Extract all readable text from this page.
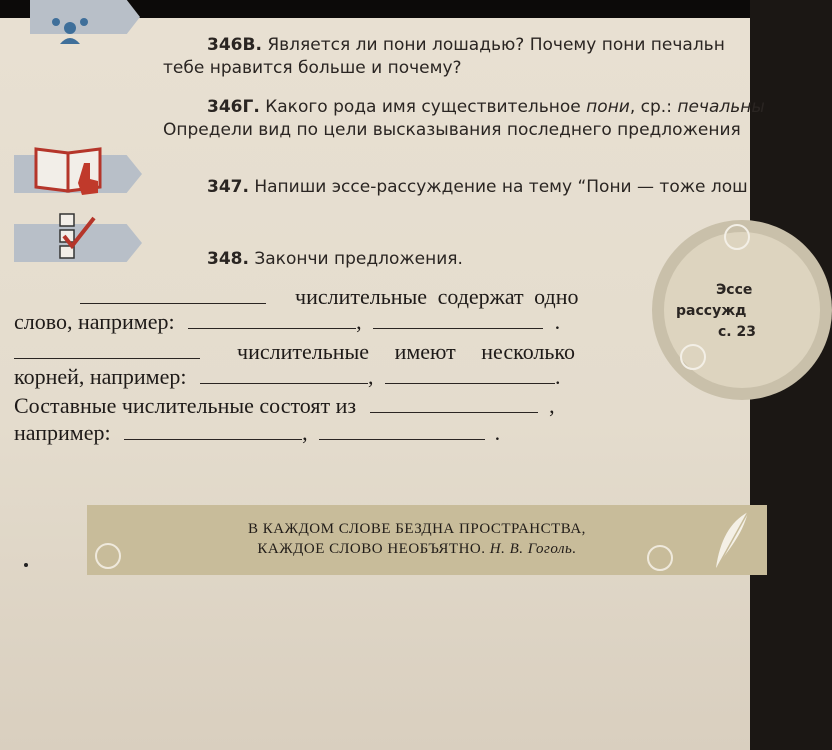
346В. Является ли пони лошадью? Почему пони печальн
тебе нравится больше и почему?
346Г. Какого рода имя существительное пони, ср.: печальны
Определи вид по цели высказывания последнего предложения
347. Напиши эссе-рассуждение на тему “Пони — тоже лош
348. Закончи предложения.
числительные содержат одно
слово, например:	,	.
числительные имеют несколько
корней, например:	,	.
Составные числительные состоят из	,
например:	,	.
Эссе
рассужд
с. 23
В КАЖДОМ СЛОВЕ БЕЗДНА ПРОСТРАНСТВА,
КАЖДОЕ СЛОВО НЕОБЪЯТНО. Н. В. Гоголь.
